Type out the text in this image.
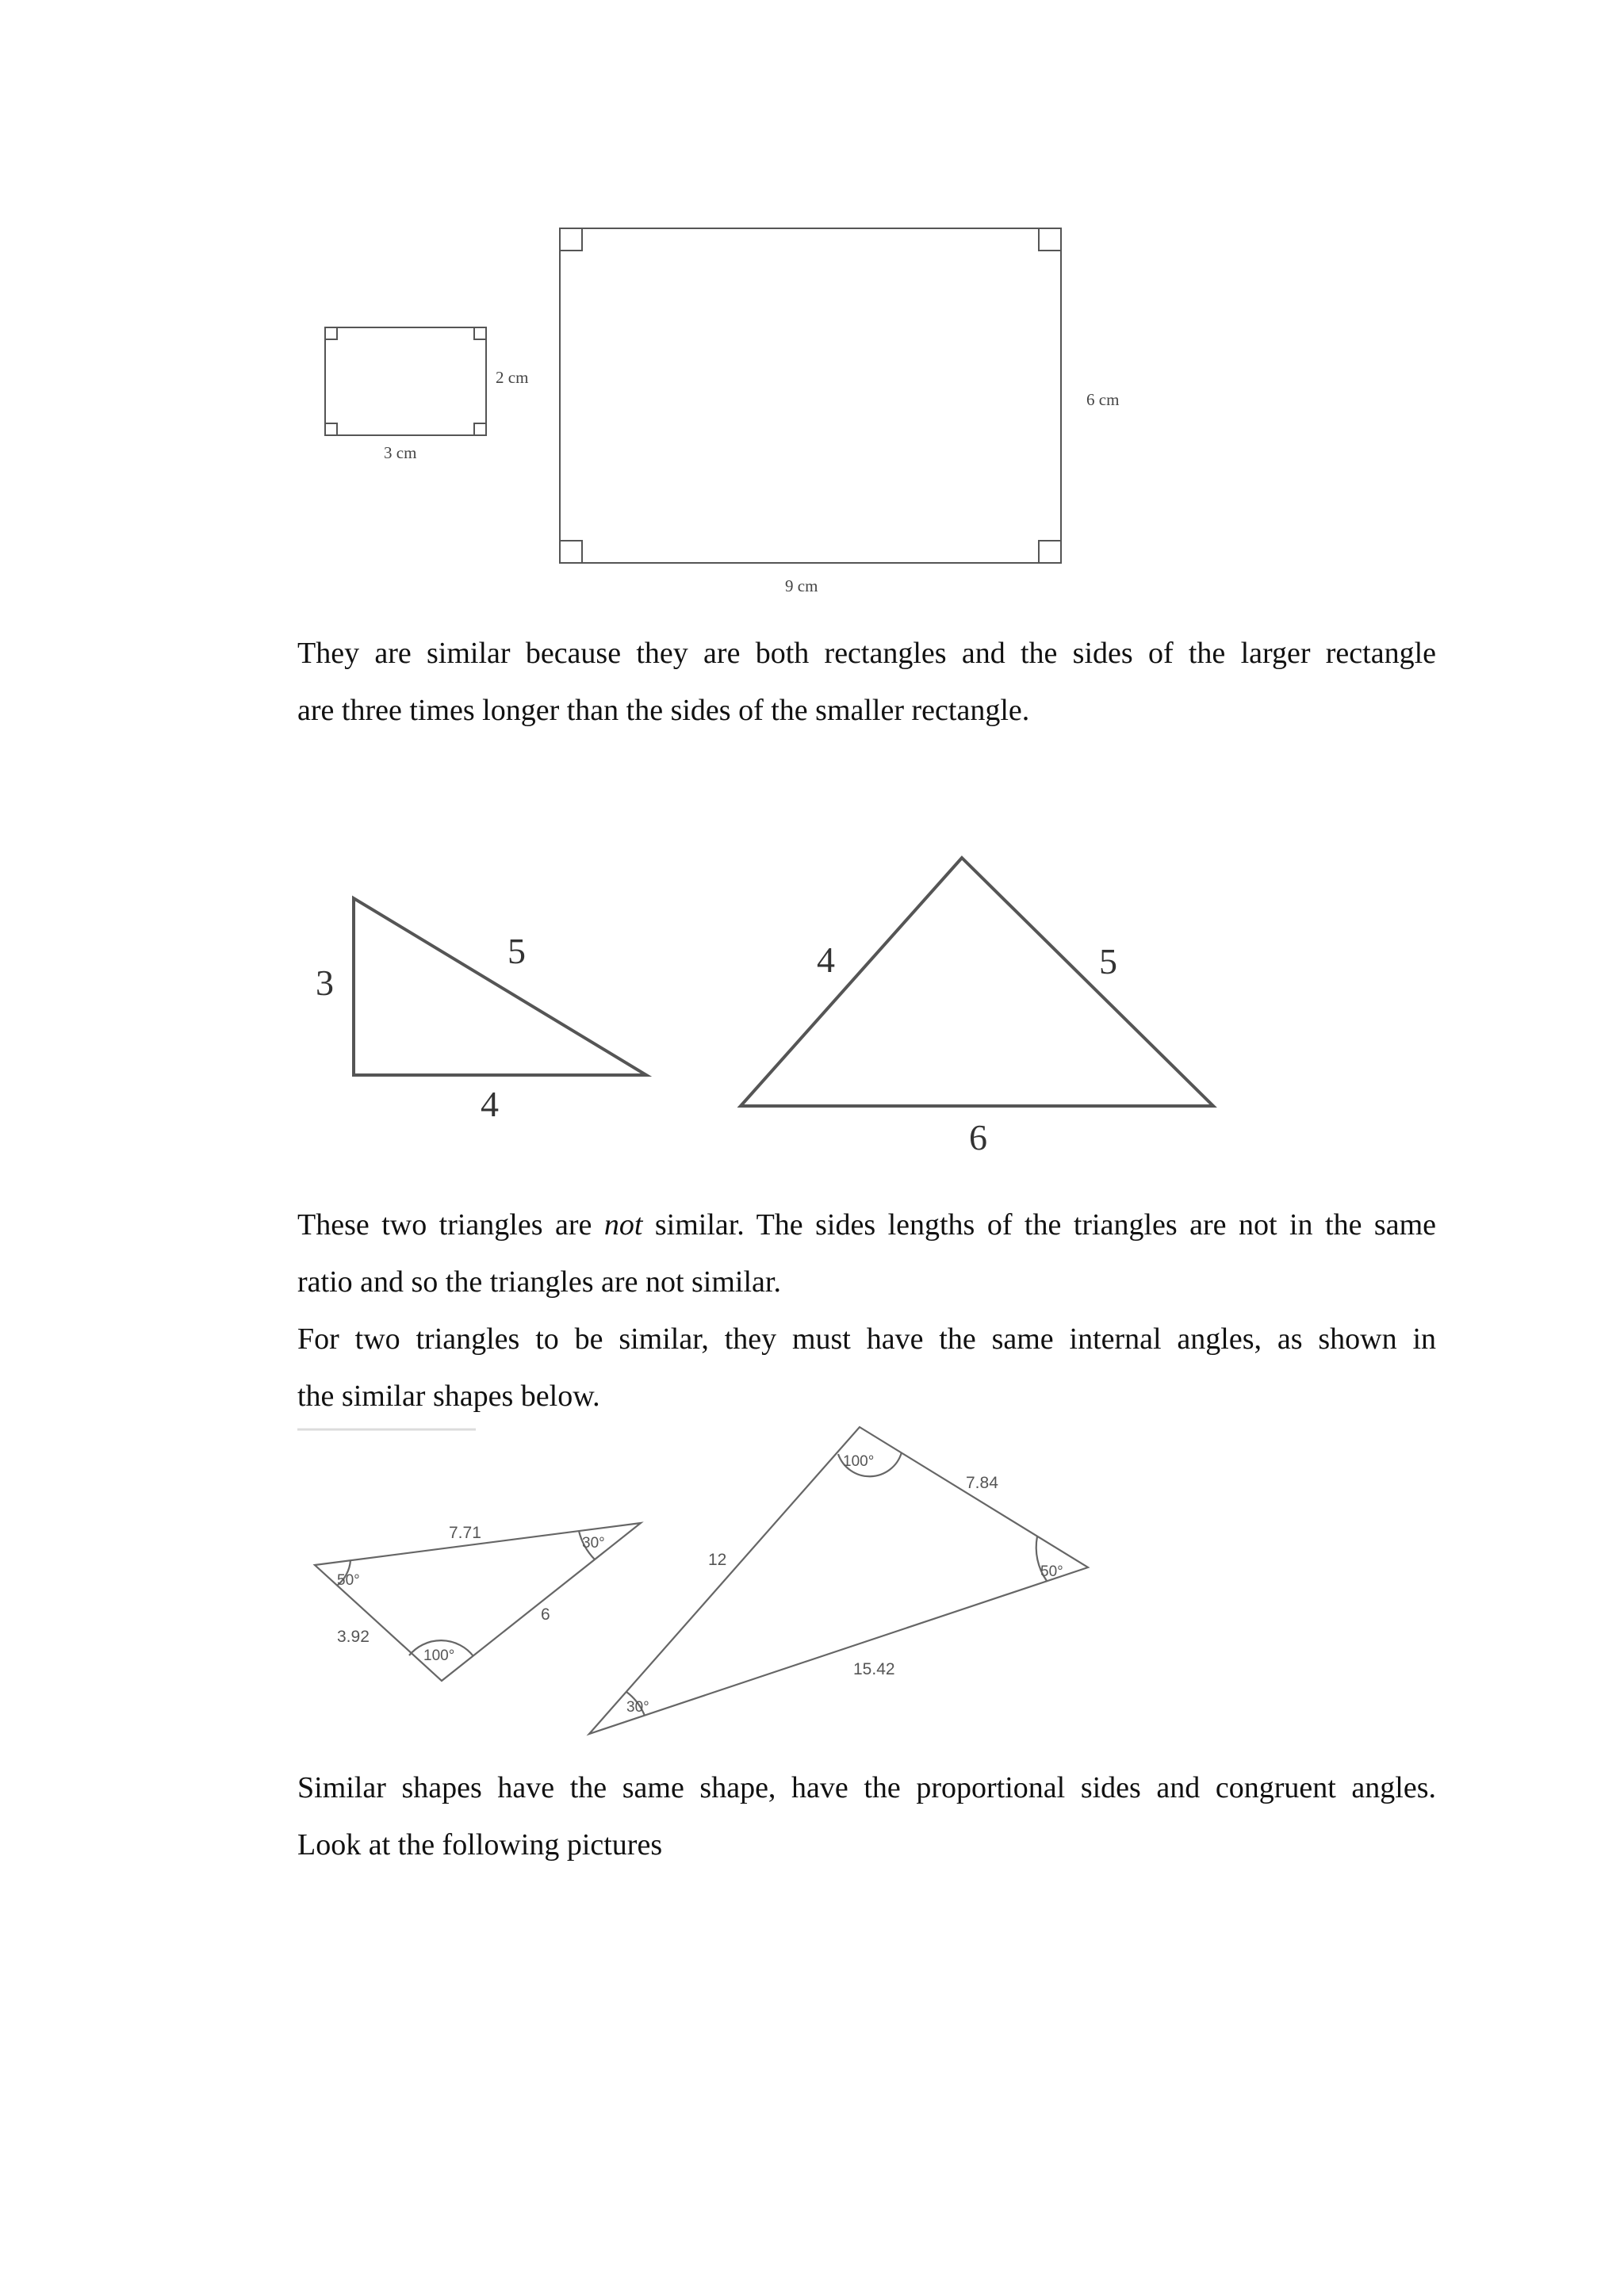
2 cm
3 cm
6 cm
9 cm

They are similar because they are both rectangles and the sides of the larger rectangle
are three times longer than the sides of the smaller rectangle.

3
5
4
4	5
6

These two triangles are not similar. The sides lengths of the triangles are not in the same
ratio and so the triangles are not similar.
For two triangles to be similar, they must have the same internal angles, as shown in
the similar shapes below.

7.71
3.92
6
50°
30°
100°
12
7.84
15.42
100°
50°
30°

Similar shapes have the same shape, have the proportional sides and congruent angles.
Look at the following pictures
